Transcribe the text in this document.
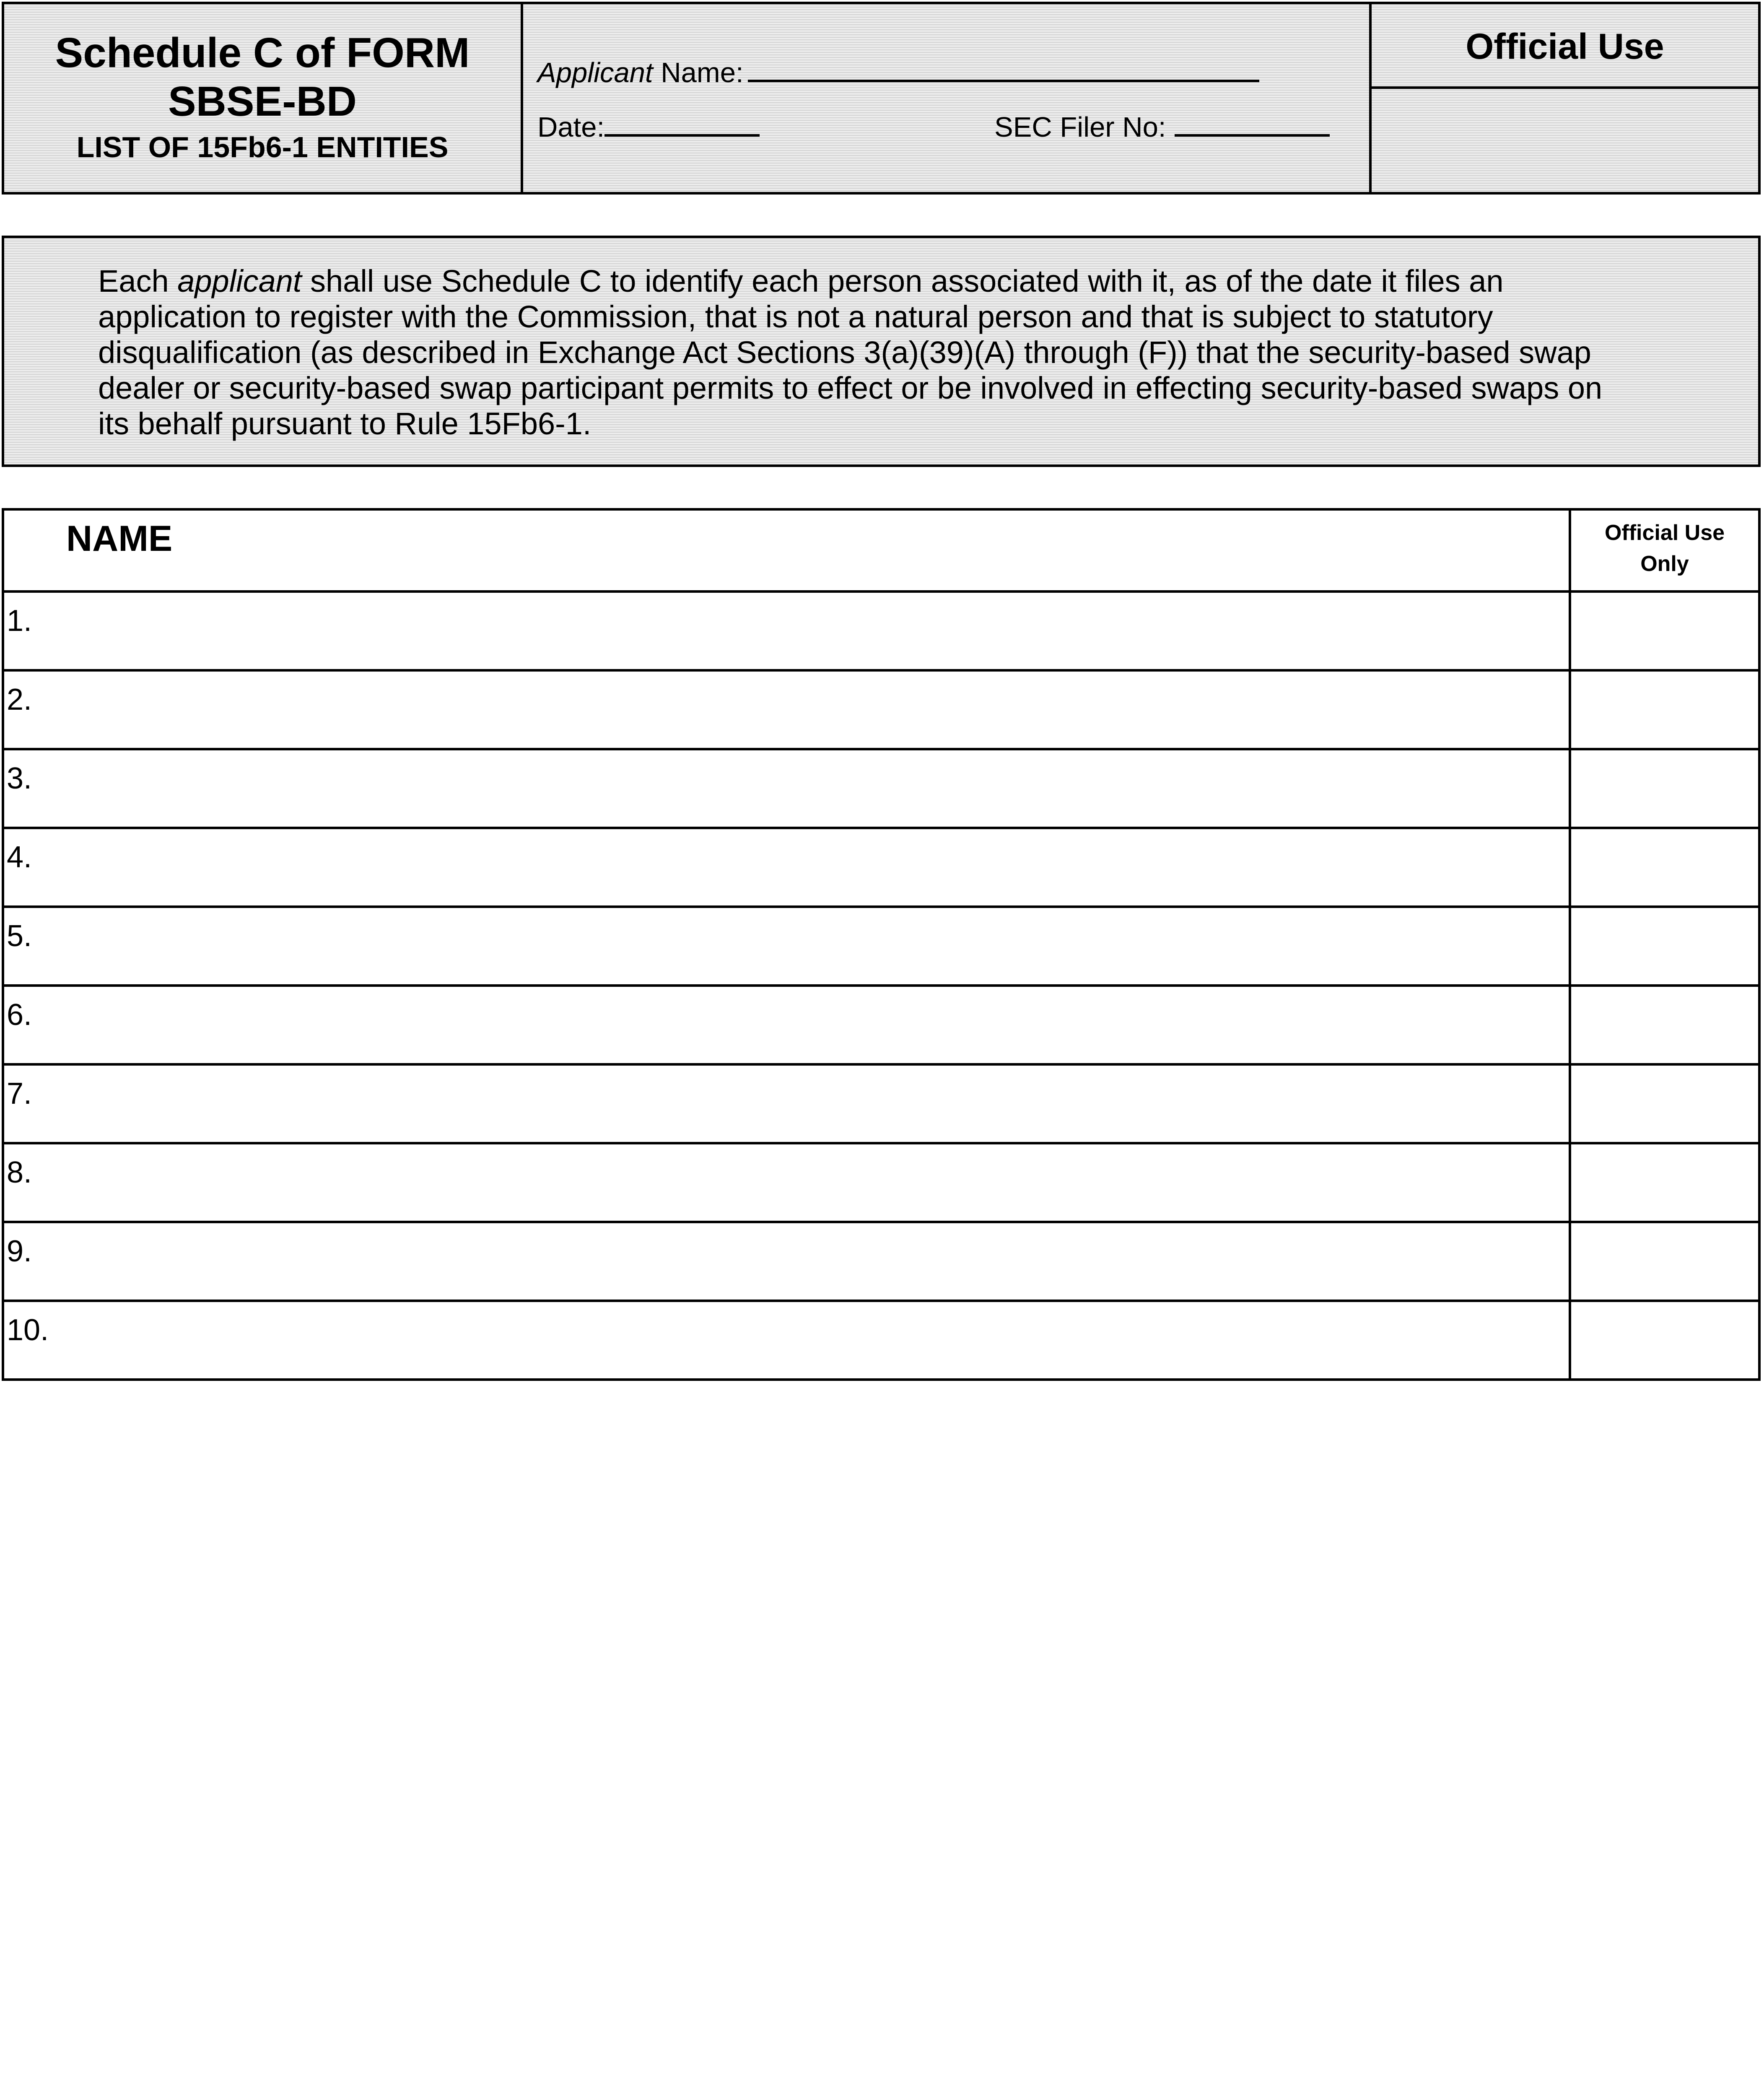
Schedule C of FORM
SBSE-BD
LIST OF 15Fb6-1 ENTITIES
Applicant Name:
Date:	SEC Filer No:
Official Use
Each applicant shall use Schedule C to identify each person associated with it, as of the date it files an application to register with the Commission, that is not a natural person and that is subject to statutory disqualification (as described in Exchange Act Sections 3(a)(39)(A) through (F)) that the security-based swap dealer or security-based swap participant permits to effect or be involved in effecting security-based swaps on its behalf pursuant to Rule 15Fb6-1.
NAME	Official Use
Only

1.	
2.	
3.	
4.	
5.	
6.	
7.	
8.	
9.	
10.	
